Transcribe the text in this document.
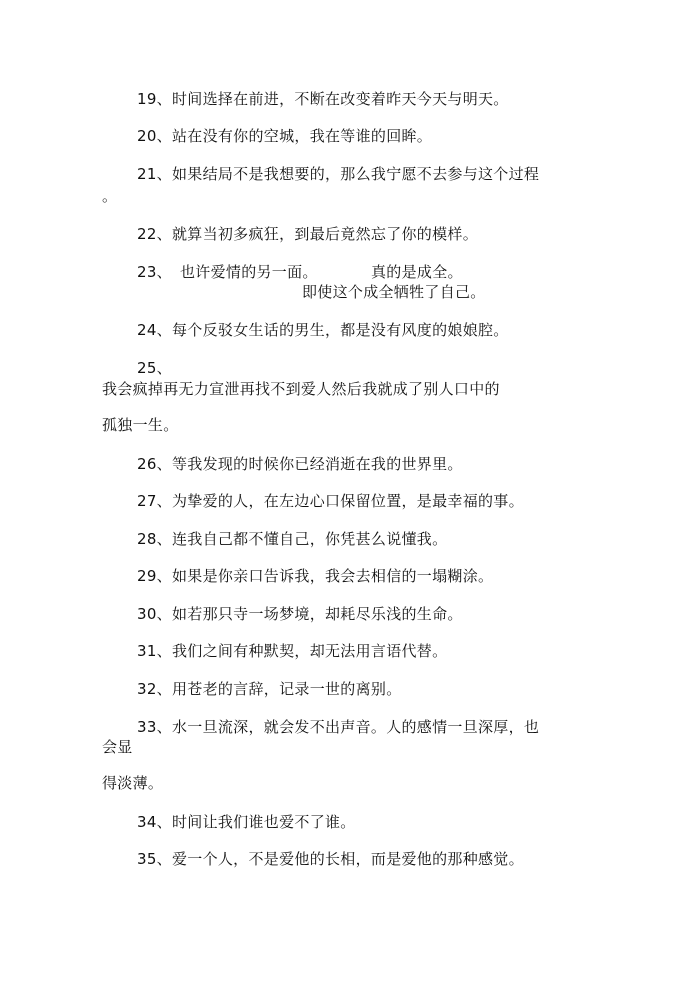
19、时间选择在前进，不断在改变着昨天今天与明天。
20、站在没有你的空城，我在等谁的回眸。
21、如果结局不是我想要的，那么我宁愿不去参与这个过程
。
22、就算当初多疯狂，到最后竟然忘了你的模样。
23、 也许爱情的另一面。	真的是成全。
即使这个成全牺牲了自己。
24、每个反驳女生话的男生，都是没有风度的娘娘腔。
25、
我会疯掉再无力宣泄再找不到爱人然后我就成了别人口中的
孤独一生。
26、等我发现的时候你已经消逝在我的世界里。
27、为挚爱的人，在左边心口保留位置，是最幸福的事。
28、连我自己都不懂自己，你凭甚么说懂我。
29、如果是你亲口告诉我，我会去相信的一塌糊涂。
30、如若那只寺一场梦境，却耗尽乐浅的生命。
31、我们之间有种默契，却无法用言语代替。
32、用苍老的言辞，记录一世的离别。
33、水一旦流深，就会发不出声音。人的感情一旦深厚，也
会显
得淡薄。
34、时间让我们谁也爱不了谁。
35、爱一个人，不是爱他的长相，而是爱他的那种感觉。
